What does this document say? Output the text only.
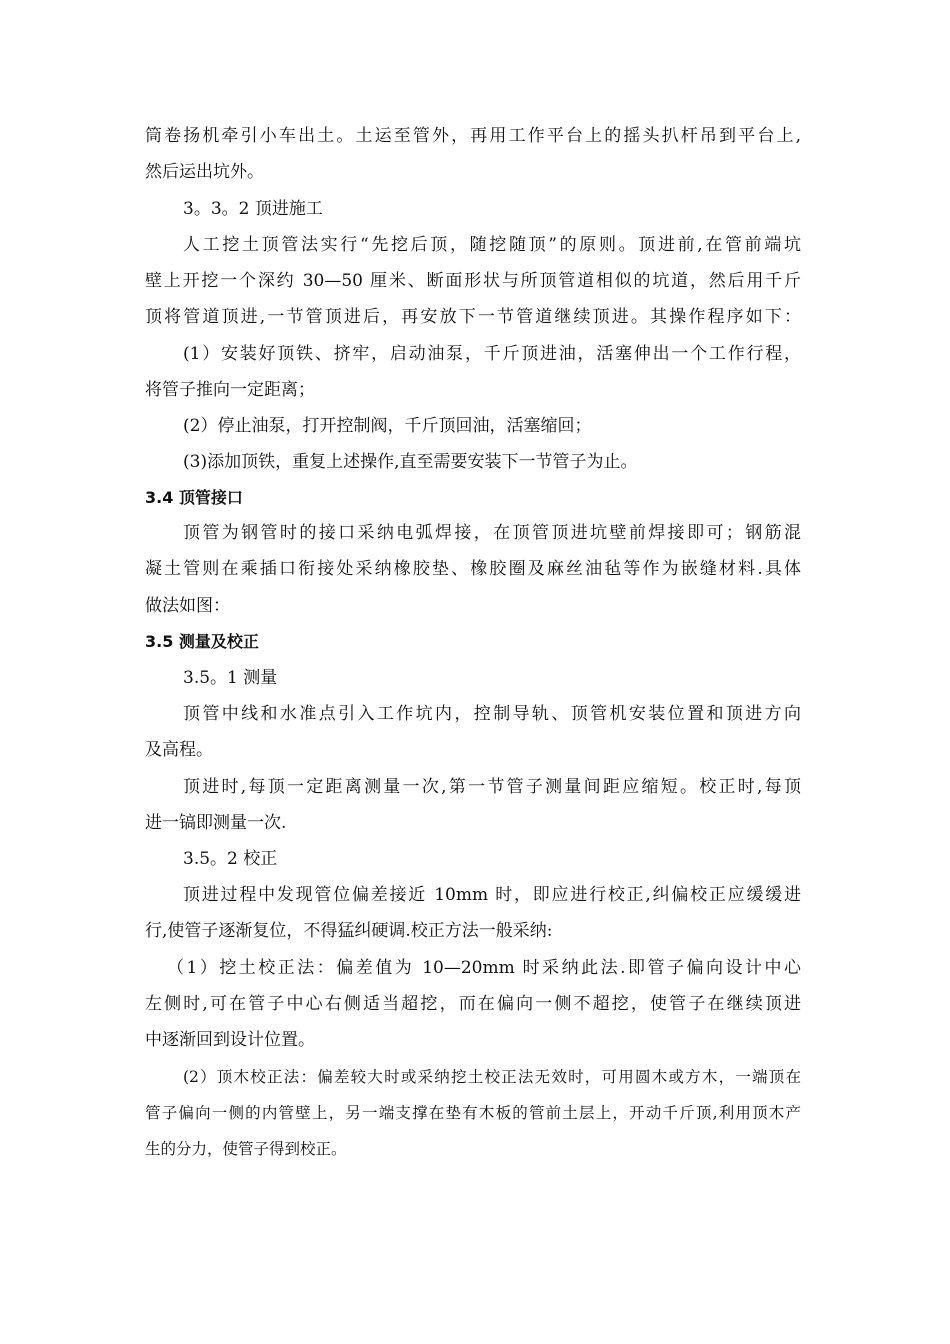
筒卷扬机牵引小车出土。土运至管外，再用工作平台上的摇头扒杆吊到平台上,
然后运出坑外。
3。3。2 顶进施工
人工挖土顶管法实行“先挖后顶，随挖随顶”的原则。顶进前,在管前端坑
壁上开挖一个深约 30—50 厘米、断面形状与所顶管道相似的坑道，然后用千斤
顶将管道顶进,一节管顶进后，再安放下一节管道继续顶进。其操作程序如下：
(1）安装好顶铁、挤牢，启动油泵，千斤顶进油，活塞伸出一个工作行程，
将管子推向一定距离；
(2）停止油泵，打开控制阀，千斤顶回油，活塞缩回；
(3)添加顶铁，重复上述操作,直至需要安装下一节管子为止。
3.4 顶管接口
顶管为钢管时的接口采纳电弧焊接，在顶管顶进坑壁前焊接即可；钢筋混
凝土管则在乘插口衔接处采纳橡胶垫、橡胶圈及麻丝油毡等作为嵌缝材料.具体
做法如图：
3.5 测量及校正
3.5。1 测量
顶管中线和水准点引入工作坑内，控制导轨、顶管机安装位置和顶进方向
及高程。
顶进时,每顶一定距离测量一次,第一节管子测量间距应缩短。校正时,每顶
进一镐即测量一次.
3.5。2 校正
顶进过程中发现管位偏差接近 10mm 时，即应进行校正,纠偏校正应缓缓进
行,使管子逐渐复位，不得猛纠硬调.校正方法一般采纳:
（1）挖土校正法：偏差值为 10—20mm 时采纳此法.即管子偏向设计中心
左侧时,可在管子中心右侧适当超挖，而在偏向一侧不超挖，使管子在继续顶进
中逐渐回到设计位置。
(2）顶木校正法：偏差较大时或采纳挖土校正法无效时，可用圆木或方木，一端顶在
管子偏向一侧的内管壁上，另一端支撑在垫有木板的管前土层上，开动千斤顶,利用顶木产
生的分力，使管子得到校正。
